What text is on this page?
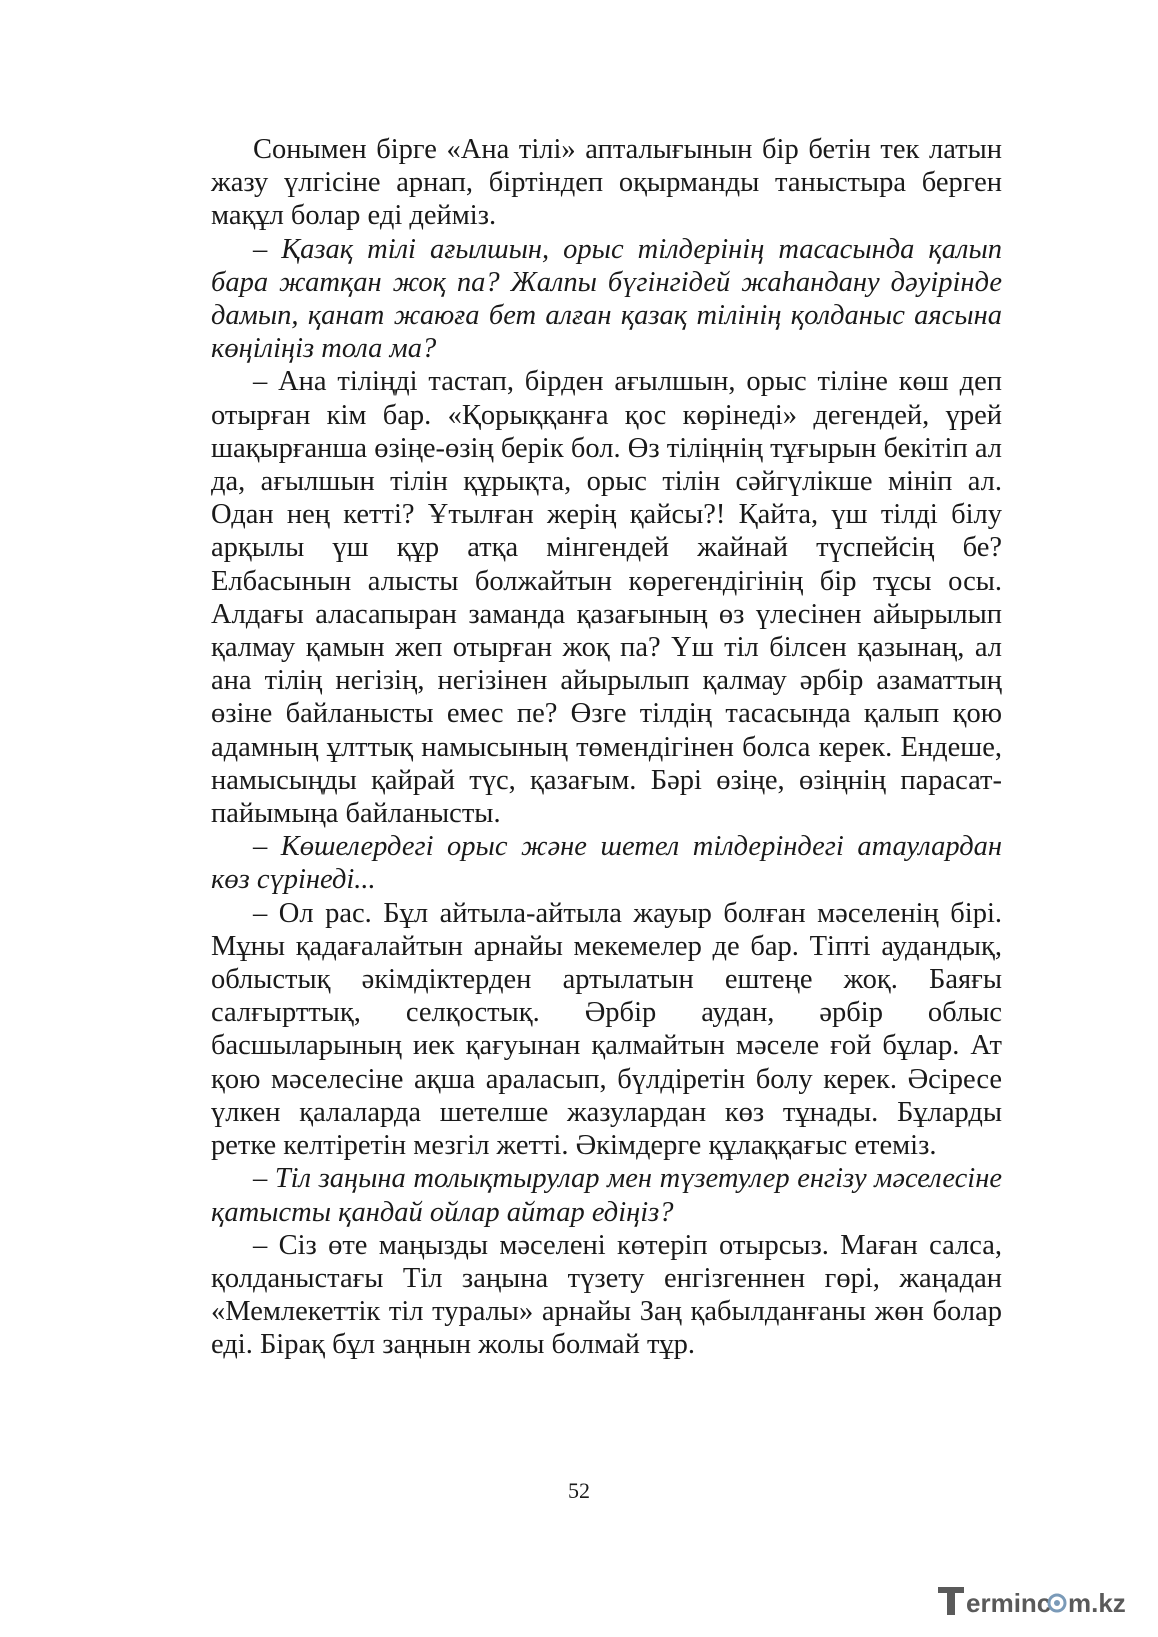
Сонымен бірге «Ана тілі» апталығынын бір бетін тек латын жазу үлгісіне арнап, біртіндеп оқырманды таныстыра берген мақұл болар еді дейміз.

– Қазақ тілі ағылшын, орыс тілдерінің тасасында қалып бара жатқан жоқ па? Жалпы бүгінгідей жаһандану дәуірінде дамып, қанат жаюға бет алған қазақ тілінің қолданыс аясына көңіліңіз тола ма?

– Ана тіліңді тастап, бірден ағылшын, орыс тіліне көш деп отырған кім бар. «Қорыққанға қос көрінеді» дегендей, үрей шақырғанша өзіңе-өзің берік бол. Өз тіліңнің тұғырын бекітіп ал да, ағылшын тілін құрықта, орыс тілін сәйгүлікше мініп ал. Одан нең кетті? Ұтылған жерің қайсы?! Қайта, үш тілді білу арқылы үш құр атқа мінгендей жайнай түспейсің бе? Елбасынын алысты болжайтын көрегендігінің бір тұсы осы. Алдағы аласапыран заманда қазағының өз үлесінен айырылып қалмау қамын жеп отырған жоқ па? Үш тіл білсен қазынаң, ал ана тілің негізің, негізінен айырылып қалмау әрбір азаматтың өзіне байланысты емес пе? Өзге тілдің тасасында қалып қою адамның ұлттық намысының төмендігінен болса керек. Ендеше, намысыңды қайрай түс, қазағым. Бәрі өзіңе, өзіңнің парасат-пайымыңа байланысты.

– Көшелердегі орыс және шетел тілдеріндегі атаулардан көз сүрінеді...

– Ол рас. Бұл айтыла-айтыла жауыр болған мәселенің бірі. Мұны қадағалайтын арнайы мекемелер де бар. Тіпті аудандық, облыстық әкімдіктерден артылатын ештеңе жоқ. Баяғы салғырттық, селқостық. Әрбір аудан, әрбір облыс басшыларының иек қағуынан қалмайтын мәселе ғой бұлар. Ат қою мәселесіне ақша араласып, бүлдіретін болу керек. Әсіресе үлкен қалаларда шетелше жазулардан көз тұнады. Бұларды ретке келтіретін мезгіл жетті. Әкімдерге құлаққағыс етеміз.

– Тіл заңына толықтырулар мен түзетулер енгізу мәселесіне қатысты қандай ойлар айтар едіңіз?

– Сіз өте маңызды мәселені көтеріп отырсыз. Маған салса, қолданыстағы Тіл заңына түзету енгізгеннен гөрі, жаңадан «Мемлекеттік тіл туралы» арнайы Заң қабылданғаны жөн болар еді. Бірақ бұл заңнын жолы болмай тұр.

52
erminc m.kz
